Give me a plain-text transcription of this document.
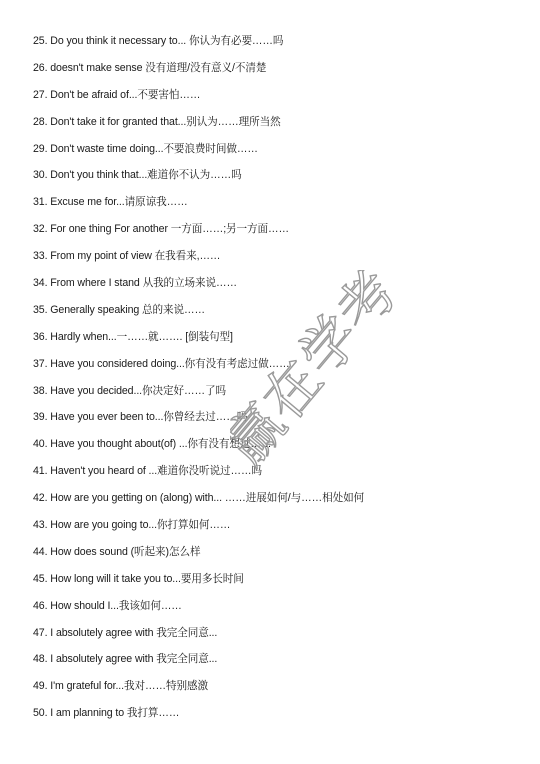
25. Do you think it necessary to... 你认为有必要……吗
26. doesn't make sense 没有道理/没有意义/不清楚
27. Don't be afraid of...不要害怕……
28. Don't take it for granted that...别认为……理所当然
29. Don't waste time doing...不要浪费时间做……
30. Don't you think that...难道你不认为……吗
31. Excuse me for...请原谅我……
32. For one thing For another 一方面……;另一方面……
33. From my point of view 在我看来,……
34. From where I stand 从我的立场来说……
35. Generally speaking 总的来说……
36. Hardly when...一……就……. [倒装句型]
37. Have you considered doing...你有没有考虑过做……
38. Have you decided...你决定好……了吗
39. Have you ever been to...你曾经去过……吗
40. Have you thought about(of) ...你有没有想过……
41. Haven't you heard of ...难道你没听说过……吗
42. How are you getting on (along) with... ……进展如何/与……相处如何
43. How are you going to...你打算如何……
44. How does sound (听起来)怎么样
45. How long will it take you to...要用多长时间
46. How should I...我该如何……
47. I absolutely agree with 我完全同意...
48. I absolutely agree with 我完全同意...
49. I'm grateful for...我对……特别感激
50. I am planning to 我打算……
赢在学考
